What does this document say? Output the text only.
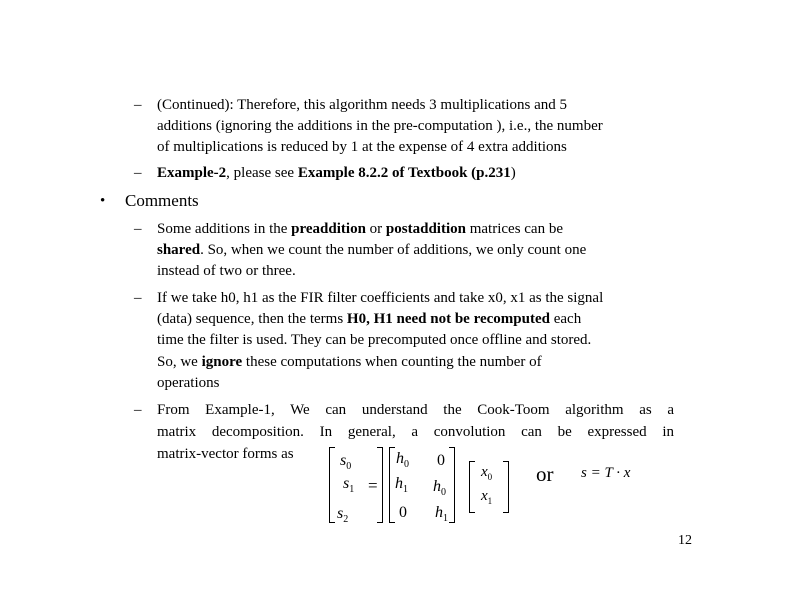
– (Continued): Therefore, this algorithm needs 3 multiplications and 5
additions (ignoring the additions in the pre-computation ), i.e., the number
of multiplications is reduced by 1 at the expense of 4 extra additions
– Example-2, please see Example 8.2.2 of Textbook (p.231)
• Comments
– Some additions in the preaddition or postaddition matrices can be
shared. So, when we count the number of additions, we only count one
instead of two or three.
– If we take h0, h1 as the FIR filter coefficients and take x0, x1 as the signal
(data) sequence, then the terms H0, H1 need not be recomputed each
time the filter is used. They can be precomputed once offline and stored.
So, we ignore these computations when counting the number of
operations
– From Example-1, We can understand the Cook-Toom algorithm as a
matrix decomposition. In general, a convolution can be expressed in
matrix-vector forms as	$s_0$
$s_1$
$s_2$
=
$h_0$ 0
$h_1$ $h_0$
0 $h_1$
$x_0$
$x_1$
or s = T · x
12
